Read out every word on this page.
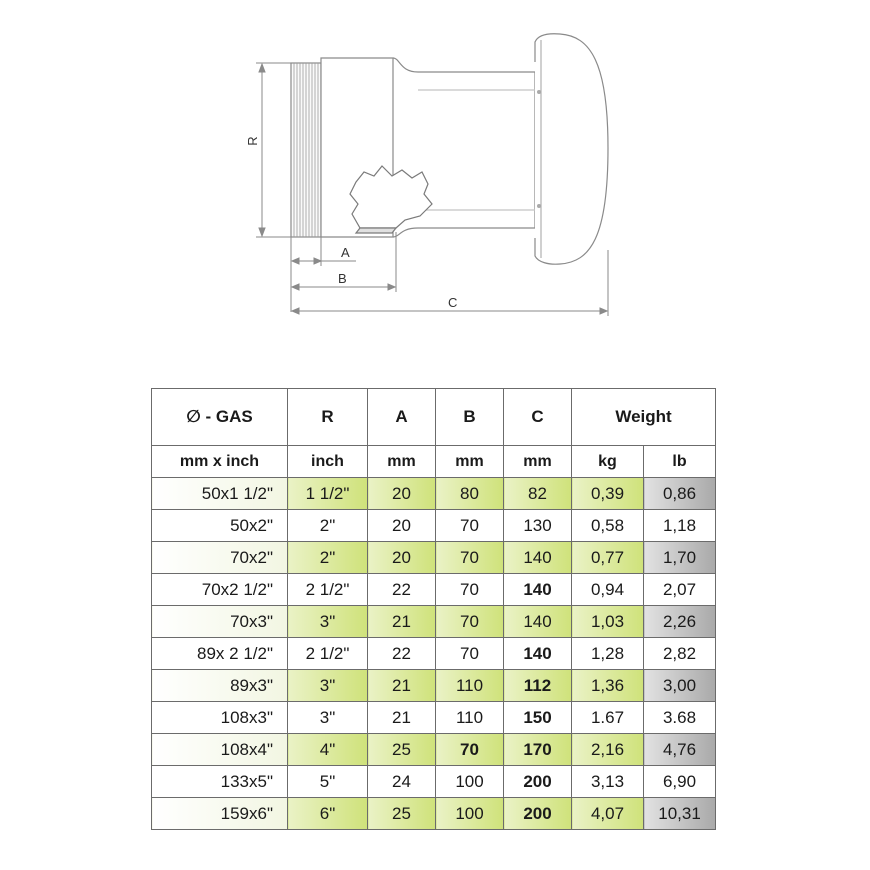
R
A
B
C
∅ - GAS	R	A	B	C	Weight	
mm x inch	inch	mm	mm	mm	kg	lb
50x1 1/2"	1 1/2"	20	80	82	0,39	0,86
50x2"	2"	20	70	130	0,58	1,18
70x2"	2"	20	70	140	0,77	1,70
70x2 1/2"	2 1/2"	22	70	140	0,94	2,07
70x3"	3"	21	70	140	1,03	2,26
89x 2 1/2"	2 1/2"	22	70	140	1,28	2,82
89x3"	3"	21	110	112	1,36	3,00
108x3"	3"	21	110	150	1.67	3.68
108x4"	4"	25	70	170	2,16	4,76
133x5"	5"	24	100	200	3,13	6,90
159x6"	6"	25	100	200	4,07	10,31
